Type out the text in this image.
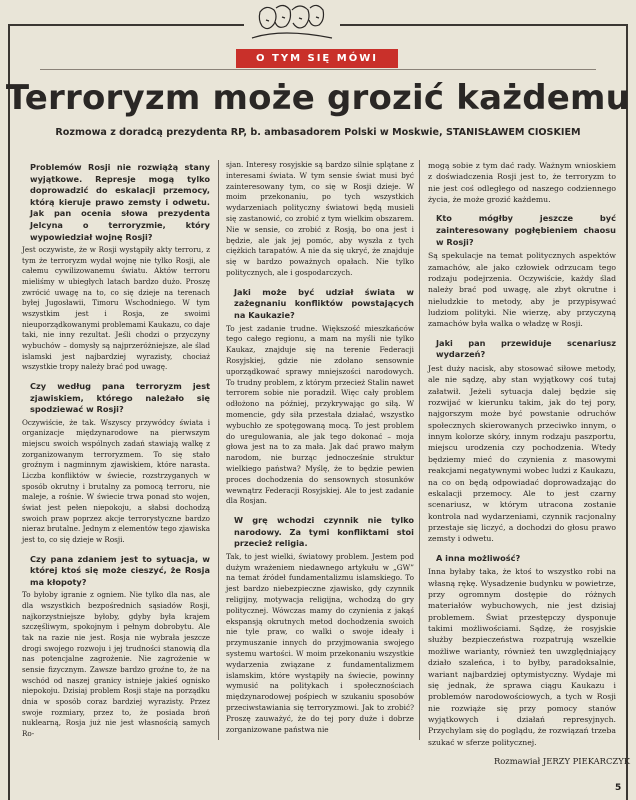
O TYM SIĘ MÓWI
Terroryzm może grozić każdemu
Rozmowa z doradcą prezydenta RP, b. ambasadorem Polski w Moskwie, STANISŁAWEM CIOSKIEM

Problemów Rosji nie rozwiążą stany wyjątkowe. Represje mogą tylko doprowadzić do eskalacji przemocy, którą kieruje prawo zemsty i odwetu. Jak pan ocenia słowa prezydenta Jelcyna o terroryzmie, który wypowiedział wojnę Rosji?

Jest oczywiste, że w Rosji wystąpiły akty terroru, z tym że terroryzm wydał wojnę nie tylko Rosji, ale całemu cywilizowanemu światu. Aktów terroru mieliśmy w ubiegłych latach bardzo dużo. Proszę zwrócić uwagę na to, co się dzieje na terenach byłej Jugosławii, Timoru Wschodniego. W tym wszystkim jest i Rosja, ze swoimi nieuporządkowanymi problemami Kaukazu, co daje taki, nie inny rezultat. Jeśli chodzi o przyczyny wybuchów – domysły są najprzeróżniejsze, ale ślad islamski jest najbardziej wyrazisty, chociaż wszystkie tropy należy brać pod uwagę.

Czy według pana terroryzm jest zjawiskiem, którego należało się spodziewać w Rosji?

Oczywiście, że tak. Wszyscy przywódcy świata i organizacje międzynarodowe na pierwszym miejscu swoich wspólnych zadań stawiają walkę z zorganizowanym terroryzmem. To się stało groźnym i nagminnym zjawiskiem, które narasta. Liczba konfliktów w świecie, rozstrzyganych w sposób okrutny i brutalny za pomocą terroru, nie maleje, a rośnie. W świecie trwa ponad sto wojen, świat jest pełen niepokoju, a słabsi dochodzą swoich praw poprzez akcje terrorystyczne bardzo nieraz brutalne. Jednym z elementów tego zjawiska jest to, co się dzieje w Rosji.

Czy pana zdaniem jest to sytuacja, w której ktoś się może cieszyć, że Rosja ma kłopoty?

To byłoby igranie z ogniem. Nie tylko dla nas, ale dla wszystkich bezpośrednich sąsiadów Rosji, najkorzystniejsze byłoby, gdyby była krajem szczęśliwym, spokojnym i pełnym dobrobytu. Ale tak na razie nie jest. Rosja nie wybrała jeszcze drogi swojego rozwoju i jej trudności stanowią dla nas potencjalne zagrożenie. Nie zagrożenie w sensie fizycznym. Zawsze bardzo groźne to, że na wschód od naszej granicy istnieje jakieś ognisko niepokoju. Dzisiaj problem Rosji staje na porządku dnia w sposób coraz bardziej wyrazisty. Przez swoje rozmiary, przez to, że posiada broń nuklearną, Rosja już nie jest własnością samych Ro-

sjan. Interesy rosyjskie są bardzo silnie splątane z interesami świata. W tym sensie świat musi być zainteresowany tym, co się w Rosji dzieje. W moim przekonaniu, po tych wszystkich wydarzeniach polityczny światowi będą musieli się zastanowić, co zrobić z tym wielkim obszarem. Nie w sensie, co zrobić z Rosją, bo ona jest i będzie, ale jak jej pomóc, aby wyszła z tych ciężkich tarapatów. A nie da się ukryć, że znajduje się w bardzo poważnych opałach. Nie tylko politycznych, ale i gospodarczych.

Jaki może być udział świata w zażegnaniu konfliktów powstających na Kaukazie?

To jest zadanie trudne. Większość mieszkańców tego całego regionu, a mam na myśli nie tylko Kaukaz, znajduje się na terenie Federacji Rosyjskiej, gdzie nie zdołano sensownie uporządkować sprawy mniejszości narodowych. To trudny problem, z którym przecież Stalin nawet terrorem sobie nie poradził. Więc cały problem odłożono na później, przykrywając go siłą. W momencie, gdy siła przestała działać, wszystko wybuchło ze spotęgowaną mocą. To jest problem do uregulowania, ale jak tego dokonać – moja głowa jest na to za mała. Jak dać prawo małym narodom, nie burząc jednocześnie struktur wielkiego państwa? Myślę, że to będzie pewien proces dochodzenia do sensownych stosunków wewnątrz Federacji Rosyjskiej. Ale to jest zadanie dla Rosjan.

W grę wchodzi czynnik nie tylko narodowy. Za tymi konfliktami stoi przecież religia.

Tak, to jest wielki, światowy problem. Jestem pod dużym wrażeniem niedawnego artykułu w „GW” na temat źródeł fundamentalizmu islamskiego. To jest bardzo niebezpieczne zjawisko, gdy czynnik religijny, motywacja religijna, wchodzą do gry politycznej. Wówczas mamy do czynienia z jakąś ekspansją okrutnych metod dochodzenia swoich nie tyle praw, co walki o swoje ideały i przymuszanie innych do przyjmowania swojego systemu wartości. W moim przekonaniu wszystkie wydarzenia związane z fundamentalizmem islamskim, które wystąpiły na świecie, powinny wymusić na politykach i społecznościach międzynarodowej pośpiech w szukaniu sposobów przeciwstawiania się terroryzmowi. Jak to zrobić? Proszę zauważyć, że do tej pory duże i dobrze zorganizowane państwa nie

mogą sobie z tym dać rady. Ważnym wnioskiem z doświadczenia Rosji jest to, że terroryzm to nie jest coś odległego od naszego codziennego życia, że może grozić każdemu.

Kto mógłby jeszcze być zainteresowany pogłębieniem chaosu w Rosji?

Są spekulacje na temat politycznych aspektów zamachów, ale jako człowiek odrzucam tego rodzaju podejrzenia. Oczywiście, każdy ślad należy brać pod uwagę, ale zbyt okrutne i nieludzkie to metody, aby je przypisywać ludziom polityki. Nie wierzę, aby przyczyną zamachów była walka o władzę w Rosji.

Jaki pan przewiduje scenariusz wydarzeń?

Jest duży nacisk, aby stosować siłowe metody, ale nie sądzę, aby stan wyjątkowy coś tutaj załatwił. Jeżeli sytuacja dalej będzie się rozwijać w kierunku takim, jak do tej pory, najgorszym może być powstanie odruchów społecznych skierowanych przeciwko innym, o innym kolorze skóry, innym rodzaju paszportu, miejscu urodzenia czy pochodzenia. Wtedy będziemy mieć do czynienia z masowymi reakcjami negatywnymi wobec ludzi z Kaukazu, na co on będą odpowiadać doprowadzając do eskalacji przemocy. Ale to jest czarny scenariusz, w którym utracona zostanie kontrola nad wydarzeniami, czynnik racjonalny przestaje się liczyć, a dochodzi do głosu prawo zemsty i odwetu.

A inna możliwość?

Inna byłaby taka, że ktoś to wszystko robi na własną rękę. Wysadzenie budynku w powietrze, przy ogromnym dostępie do różnych materiałów wybuchowych, nie jest dzisiaj problemem. Świat przestępczy dysponuje takimi możliwościami. Sądzę, że rosyjskie służby bezpieczeństwa rozpatrują wszelkie możliwe warianty, również ten uwzględniający działo szaleńca, i to byłby, paradoksalnie, wariant najbardziej optymistyczny. Wydaje mi się jednak, że sprawa ciągu Kaukazu i problemów narodowościowych, a tych w Rosji nie rozwiąże się przy pomocy stanów wyjątkowych i działań represyjnych. Przychylam się do poglądu, że rozwiązań trzeba szukać w sferze politycznej.

Rozmawiał JERZY PIEKARCZYK
5
